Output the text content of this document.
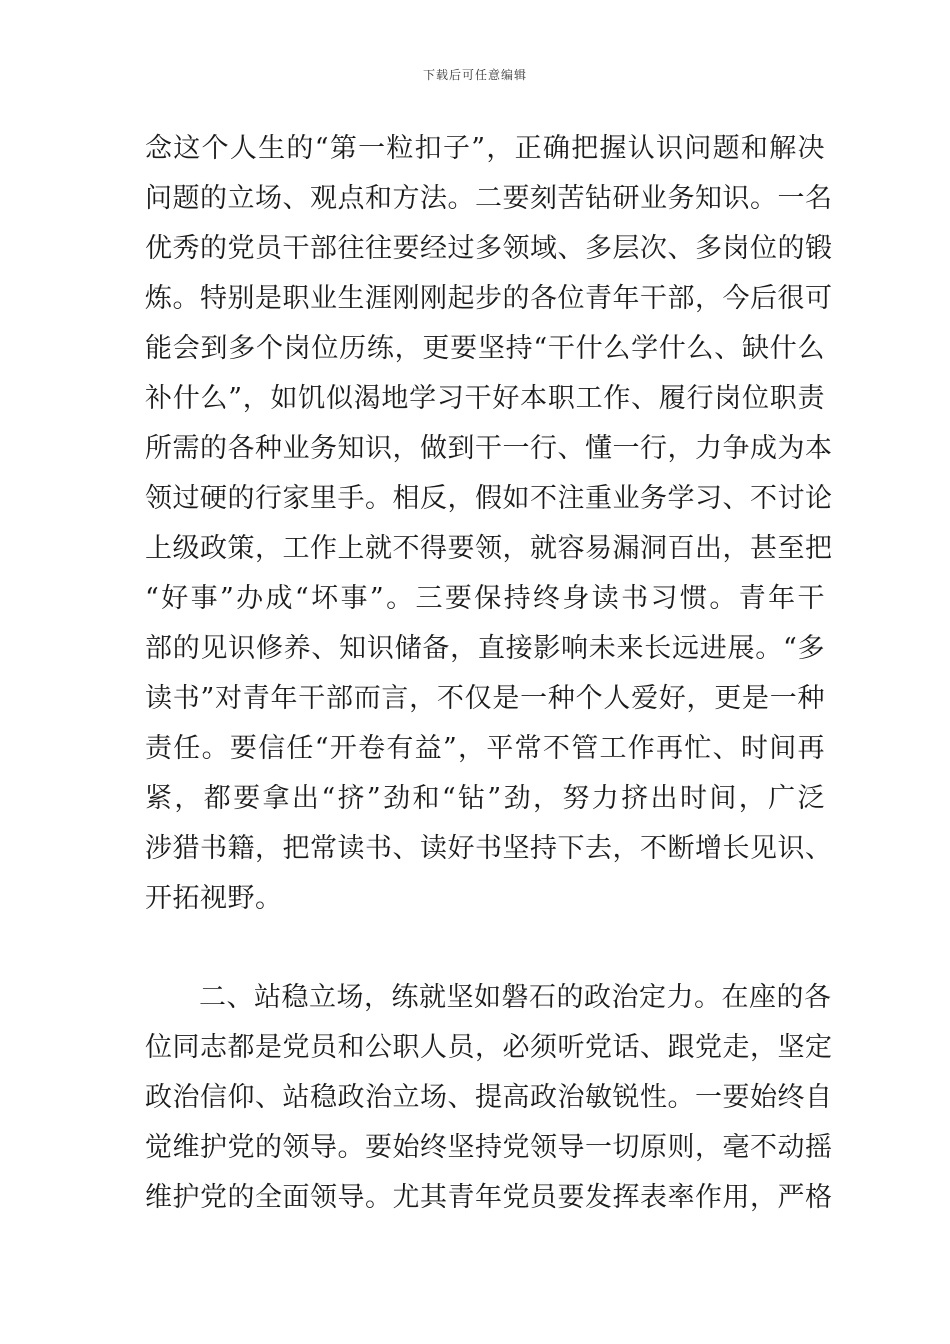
下载后可任意编辑
念这个人生的“第一粒扣子”，正确把握认识问题和解决
问题的立场、观点和方法。二要刻苦钻研业务知识。一名
优秀的党员干部往往要经过多领域、多层次、多岗位的锻
炼。特别是职业生涯刚刚起步的各位青年干部，今后很可
能会到多个岗位历练，更要坚持“干什么学什么、缺什么
补什么”，如饥似渴地学习干好本职工作、履行岗位职责
所需的各种业务知识，做到干一行、懂一行，力争成为本
领过硬的行家里手。相反，假如不注重业务学习、不讨论
上级政策，工作上就不得要领，就容易漏洞百出，甚至把
“好事”办成“坏事”。三要保持终身读书习惯。青年干
部的见识修养、知识储备，直接影响未来长远进展。“多
读书”对青年干部而言，不仅是一种个人爱好，更是一种
责任。要信任“开卷有益”，平常不管工作再忙、时间再
紧，都要拿出“挤”劲和“钻”劲，努力挤出时间，广泛
涉猎书籍，把常读书、读好书坚持下去，不断增长见识、
开拓视野。
二、站稳立场，练就坚如磐石的政治定力。在座的各
位同志都是党员和公职人员，必须听党话、跟党走，坚定
政治信仰、站稳政治立场、提高政治敏锐性。一要始终自
觉维护党的领导。要始终坚持党领导一切原则，毫不动摇
维护党的全面领导。尤其青年党员要发挥表率作用，严格
